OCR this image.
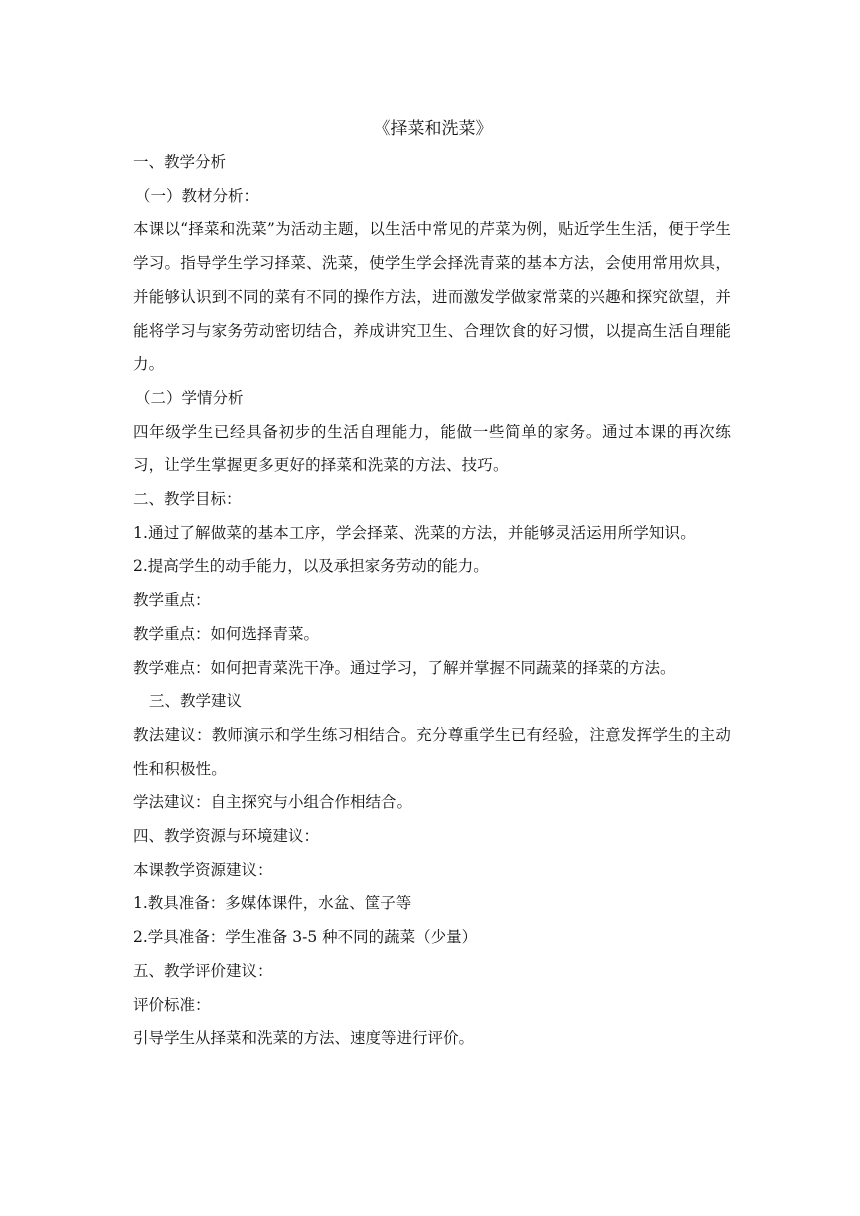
《择菜和洗菜》

一、教学分析

（一）教材分析：

本课以“择菜和洗菜”为活动主题，以生活中常见的芹菜为例，贴近学生生活，便于学生学习。指导学生学习择菜、洗菜，使学生学会择洗青菜的基本方法，会使用常用炊具，并能够认识到不同的菜有不同的操作方法，进而激发学做家常菜的兴趣和探究欲望，并能将学习与家务劳动密切结合，养成讲究卫生、合理饮食的好习惯，以提高生活自理能力。

（二）学情分析

四年级学生已经具备初步的生活自理能力，能做一些简单的家务。通过本课的再次练习，让学生掌握更多更好的择菜和洗菜的方法、技巧。

二、教学目标：

1.通过了解做菜的基本工序，学会择菜、洗菜的方法，并能够灵活运用所学知识。

2.提高学生的动手能力，以及承担家务劳动的能力。

教学重点：

教学重点：如何选择青菜。

教学难点：如何把青菜洗干净。通过学习，了解并掌握不同蔬菜的择菜的方法。

三、教学建议

教法建议：教师演示和学生练习相结合。充分尊重学生已有经验，注意发挥学生的主动性和积极性。

学法建议：自主探究与小组合作相结合。

四、教学资源与环境建议：

本课教学资源建议：

1.教具准备：多媒体课件，水盆、筐子等

2.学具准备：学生准备 3-5 种不同的蔬菜（少量）

五、教学评价建议：

评价标准：

引导学生从择菜和洗菜的方法、速度等进行评价。
